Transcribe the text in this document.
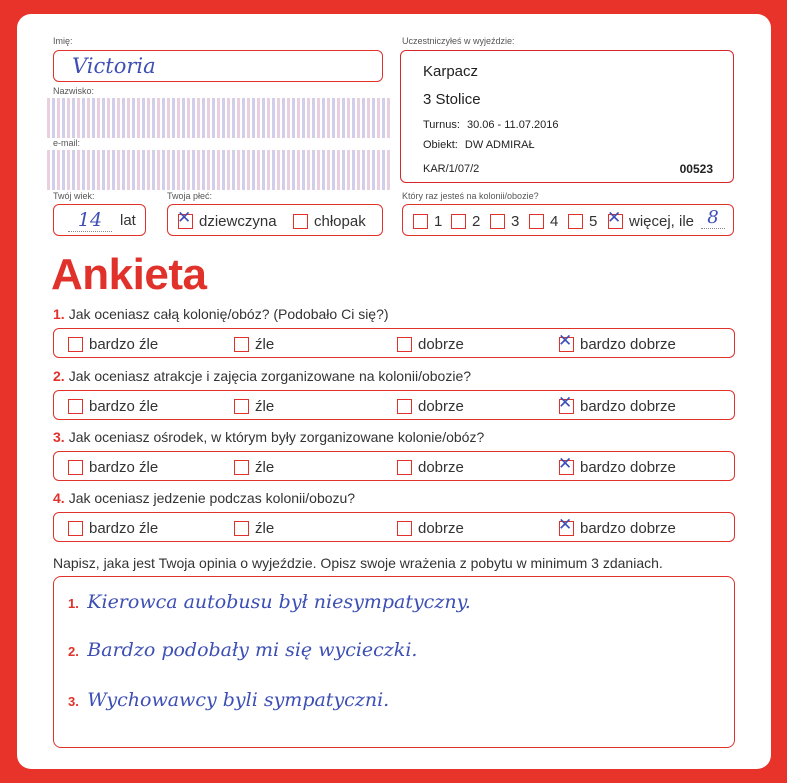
Imię:
Victoria
Nazwisko:
e-mail:
Twój wiek:
14	lat
Twoja płeć:
✕ dziewczyna	chłopak
Uczestniczyłeś w wyjeździe:
Karpacz
3 Stolice
Turnus: 30.06 - 11.07.2016
Obiekt: DW ADMIRAŁ
KAR/1/07/2	00523
Który raz jesteś na kolonii/obozie?
1	2	3	4	5 ✕ więcej, ile 8
Ankieta
1. Jak oceniasz całą kolonię/obóz? (Podobało Ci się?)
bardzo źle	źle	dobrze	✕ bardzo dobrze
2. Jak oceniasz atrakcje i zajęcia zorganizowane na kolonii/obozie?
bardzo źle	źle	dobrze	✕ bardzo dobrze
3. Jak oceniasz ośrodek, w którym były zorganizowane kolonie/obóz?
bardzo źle	źle	dobrze	✕ bardzo dobrze
4. Jak oceniasz jedzenie podczas kolonii/obozu?
bardzo źle	źle	dobrze	✕ bardzo dobrze
Napisz, jaka jest Twoja opinia o wyjeździe. Opisz swoje wrażenia z pobytu w minimum 3 zdaniach.
1. Kierowca autobusu był niesympatyczny.
2. Bardzo podobały mi się wycieczki.
3. Wychowawcy byli sympatyczni.
